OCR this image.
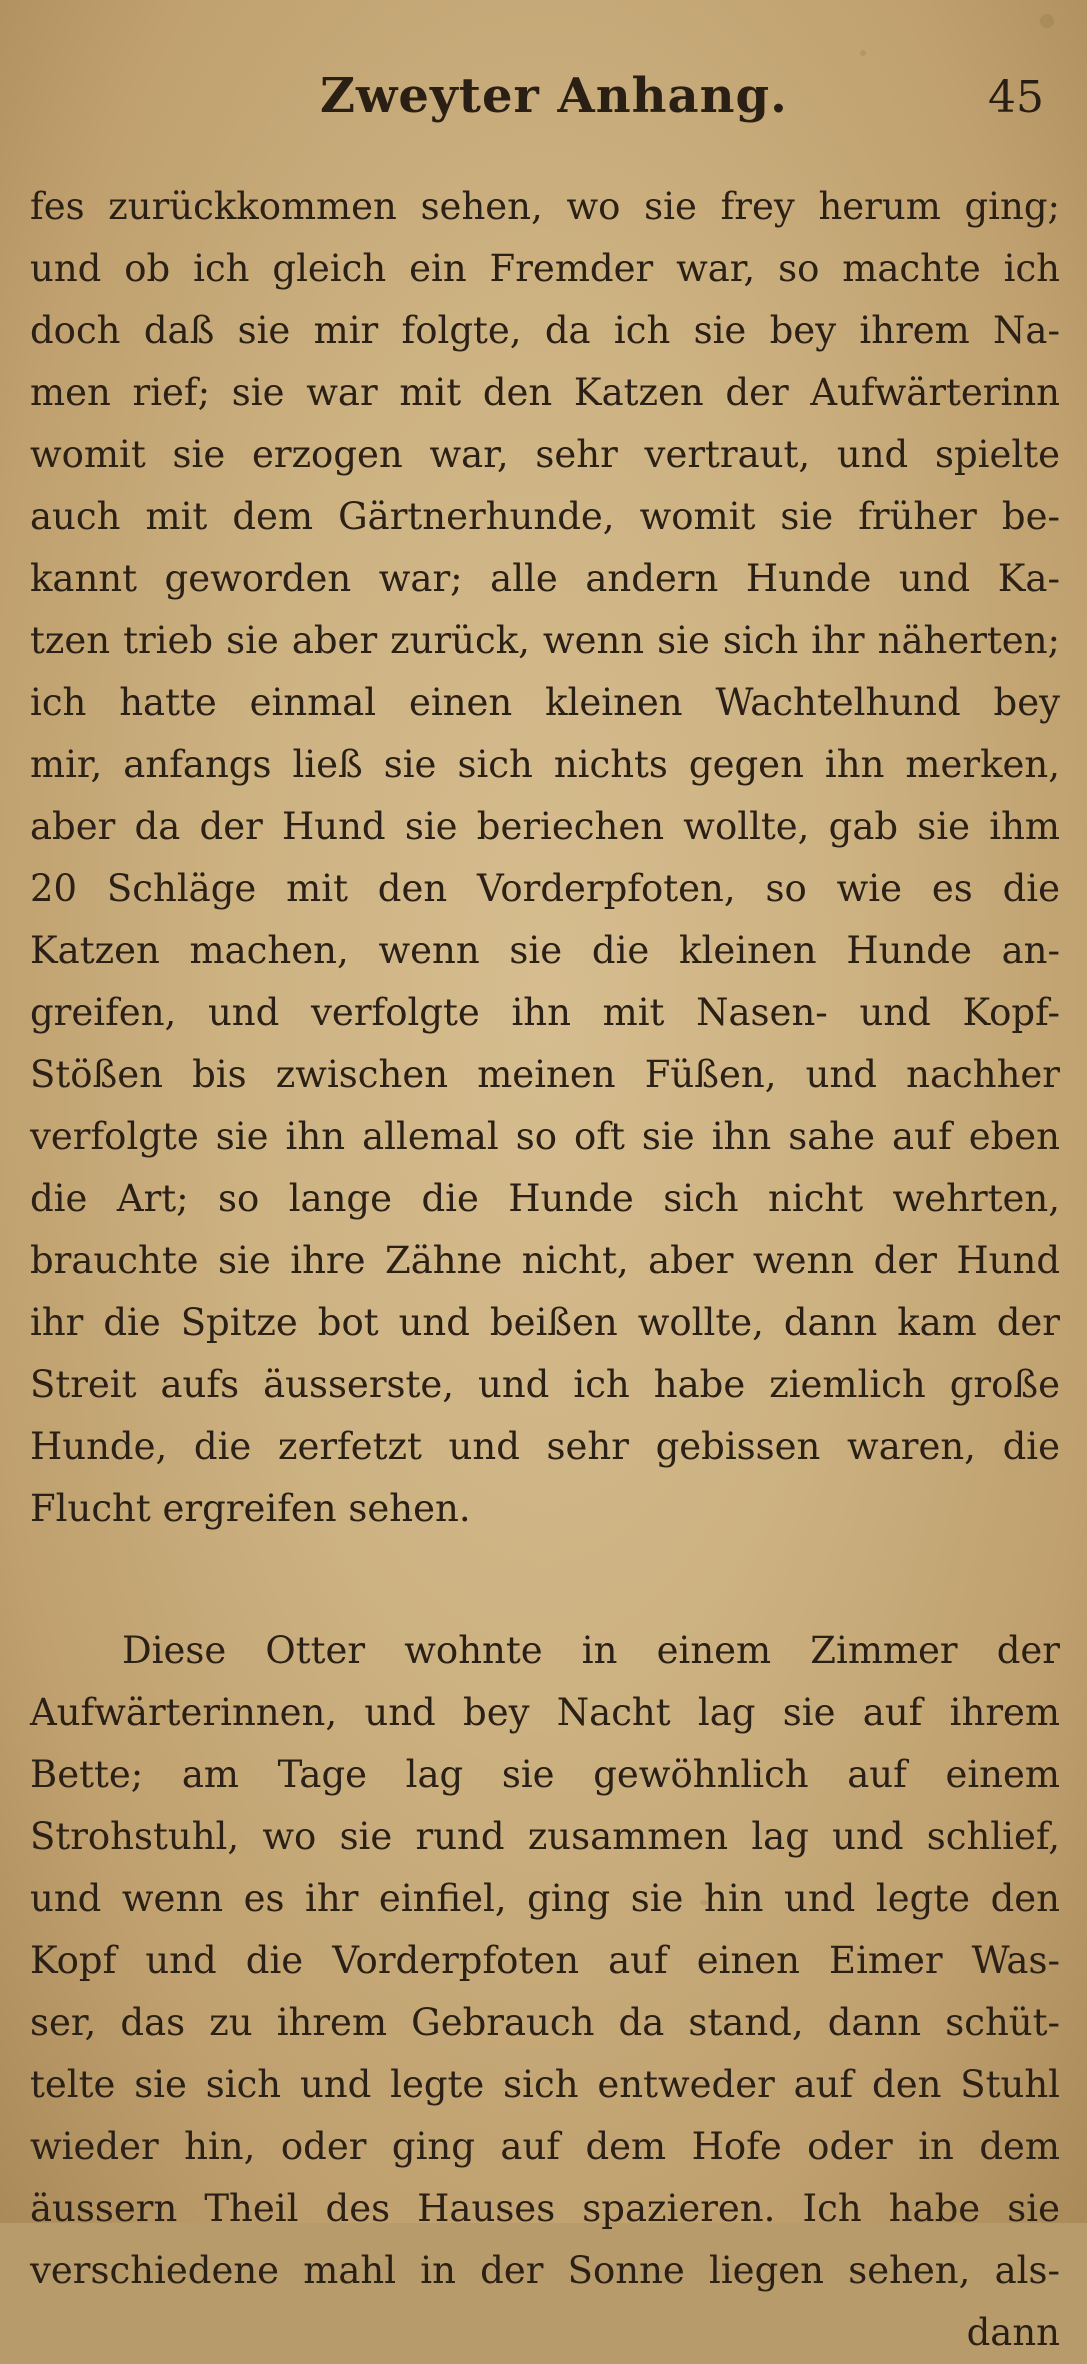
Zweyter Anhang.	45
fes zurückkommen sehen, wo sie frey herum ging;
und ob ich gleich ein Fremder war, so machte ich
doch daß sie mir folgte, da ich sie bey ihrem Na-
men rief; sie war mit den Katzen der Aufwärterinn
womit sie erzogen war, sehr vertraut, und spielte
auch mit dem Gärtnerhunde, womit sie früher be-
kannt geworden war; alle andern Hunde und Ka-
tzen trieb sie aber zurück, wenn sie sich ihr näherten;
ich hatte einmal einen kleinen Wachtelhund bey
mir, anfangs ließ sie sich nichts gegen ihn merken,
aber da der Hund sie beriechen wollte, gab sie ihm
20 Schläge mit den Vorderpfoten, so wie es die
Katzen machen, wenn sie die kleinen Hunde an-
greifen, und verfolgte ihn mit Nasen- und Kopf-
Stößen bis zwischen meinen Füßen, und nachher
verfolgte sie ihn allemal so oft sie ihn sahe auf eben
die Art; so lange die Hunde sich nicht wehrten,
brauchte sie ihre Zähne nicht, aber wenn der Hund
ihr die Spitze bot und beißen wollte, dann kam der
Streit aufs äusserste, und ich habe ziemlich große
Hunde, die zerfetzt und sehr gebissen waren, die
Flucht ergreifen sehen.
Diese Otter wohnte in einem Zimmer der
Aufwärterinnen, und bey Nacht lag sie auf ihrem
Bette; am Tage lag sie gewöhnlich auf einem
Strohstuhl, wo sie rund zusammen lag und schlief,
und wenn es ihr einfiel, ging sie hin und legte den
Kopf und die Vorderpfoten auf einen Eimer Was-
ser, das zu ihrem Gebrauch da stand, dann schüt-
telte sie sich und legte sich entweder auf den Stuhl
wieder hin, oder ging auf dem Hofe oder in dem
äussern Theil des Hauses spazieren. Ich habe sie
verschiedene mahl in der Sonne liegen sehen, als-
dann
